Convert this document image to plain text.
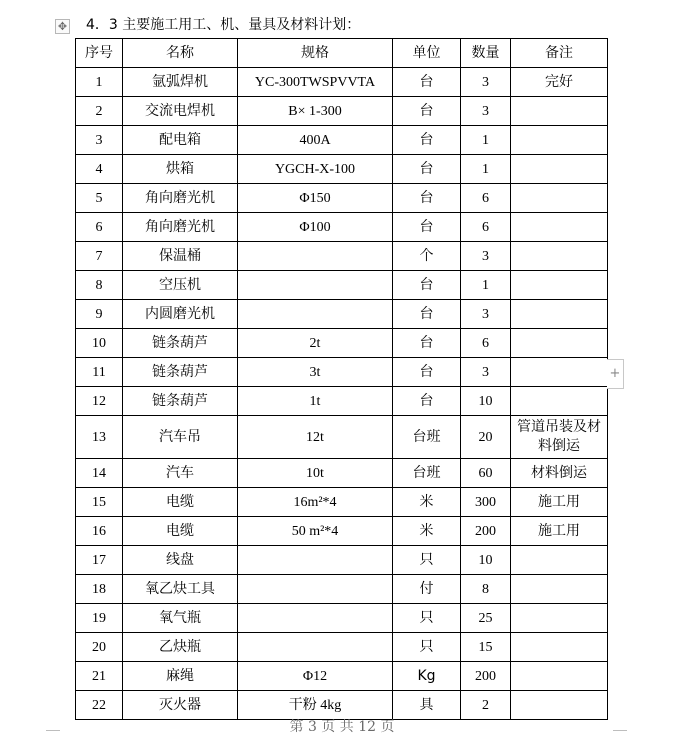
✥ 4．3 主要施工用工、机、量具及材料计划：
序号	名称	规格	单位	数量	备注
1	氩弧焊机	YC-300TWSPVVTA	台	3	完好
2	交流电焊机	B× 1-300	台	3	
3	配电箱	400A	台	1	
4	烘箱	YGCH-X-100	台	1	
5	角向磨光机	Φ150	台	6	
6	角向磨光机	Φ100	台	6	
7	保温桶		个	3	
8	空压机		台	1	
9	内圆磨光机		台	3	
10	链条葫芦	2t	台	6	
11	链条葫芦	3t	台	3	
12	链条葫芦	1t	台	10	
13	汽车吊	12t	台班	20	管道吊装及材料倒运
14	汽车	10t	台班	60	材料倒运
15	电缆	16m²*4	米	300	施工用
16	电缆	50 m²*4	米	200	施工用
17	线盘		只	10	
18	氧乙炔工具		付	8	
19	氧气瓶		只	25	
20	乙炔瓶		只	15	
21	麻绳	Φ12	Kg	200	
22	灭火器	干粉 4kg	具	2	
+
第 3 页 共 12 页
